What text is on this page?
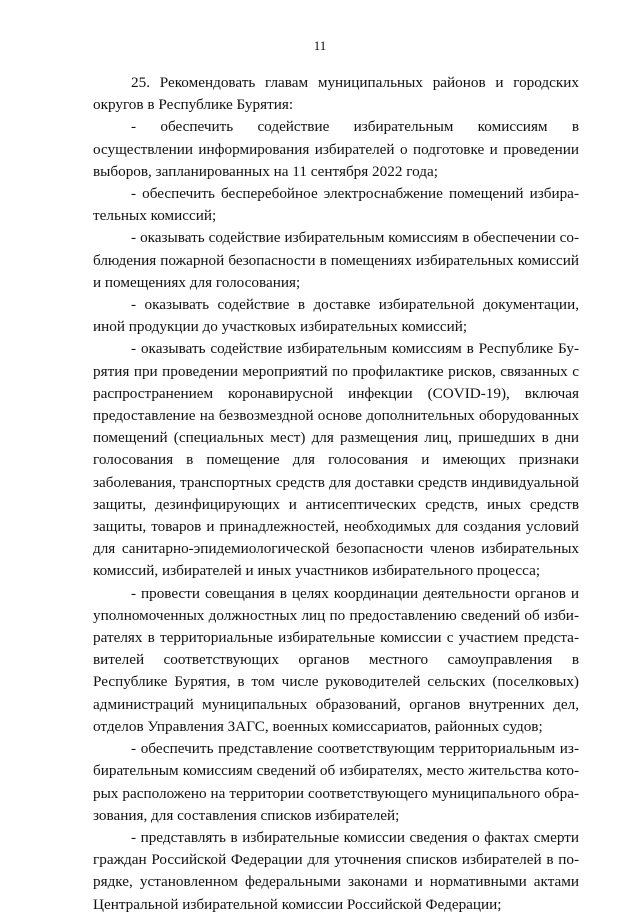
11

25. Рекомендовать главам муниципальных районов и городских округов в Республике Бурятия:

- обеспечить содействие избирательным комиссиям в осуществлении информирования избирателей о подготовке и проведении выборов, запланированных на 11 сентября 2022 года;

- обеспечить бесперебойное электроснабжение помещений избирательных комиссий;

- оказывать содействие избирательным комиссиям в обеспечении соблюдения пожарной безопасности в помещениях избирательных комиссий и помещениях для голосования;

- оказывать содействие в доставке избирательной документации, иной продукции до участковых избирательных комиссий;

- оказывать содействие избирательным комиссиям в Республике Бурятия при проведении мероприятий по профилактике рисков, связанных с распространением коронавирусной инфекции (COVID-19), включая предоставление на безвозмездной основе дополнительных оборудованных помещений (специальных мест) для размещения лиц, пришедших в дни голосования в помещение для голосования и имеющих признаки заболевания, транспортных средств для доставки средств индивидуальной защиты, дезинфицирующих и антисептических средств, иных средств защиты, товаров и принадлежностей, необходимых для создания условий для санитарно-эпидемиологической безопасности членов избирательных комиссий, избирателей и иных участников избирательного процесса;

- провести совещания в целях координации деятельности органов и уполномоченных должностных лиц по предоставлению сведений об избирателях в территориальные избирательные комиссии с участием представителей соответствующих органов местного самоуправления в Республике Бурятия, в том числе руководителей сельских (поселковых) администраций муниципальных образований, органов внутренних дел, отделов Управления ЗАГС, военных комиссариатов, районных судов;

- обеспечить представление соответствующим территориальным избирательным комиссиям сведений об избирателях, место жительства которых расположено на территории соответствующего муниципального образования, для составления списков избирателей;

- представлять в избирательные комиссии сведения о фактах смерти граждан Российской Федерации для уточнения списков избирателей в порядке, установленном федеральными законами и нормативными актами Центральной избирательной комиссии Российской Федерации;
